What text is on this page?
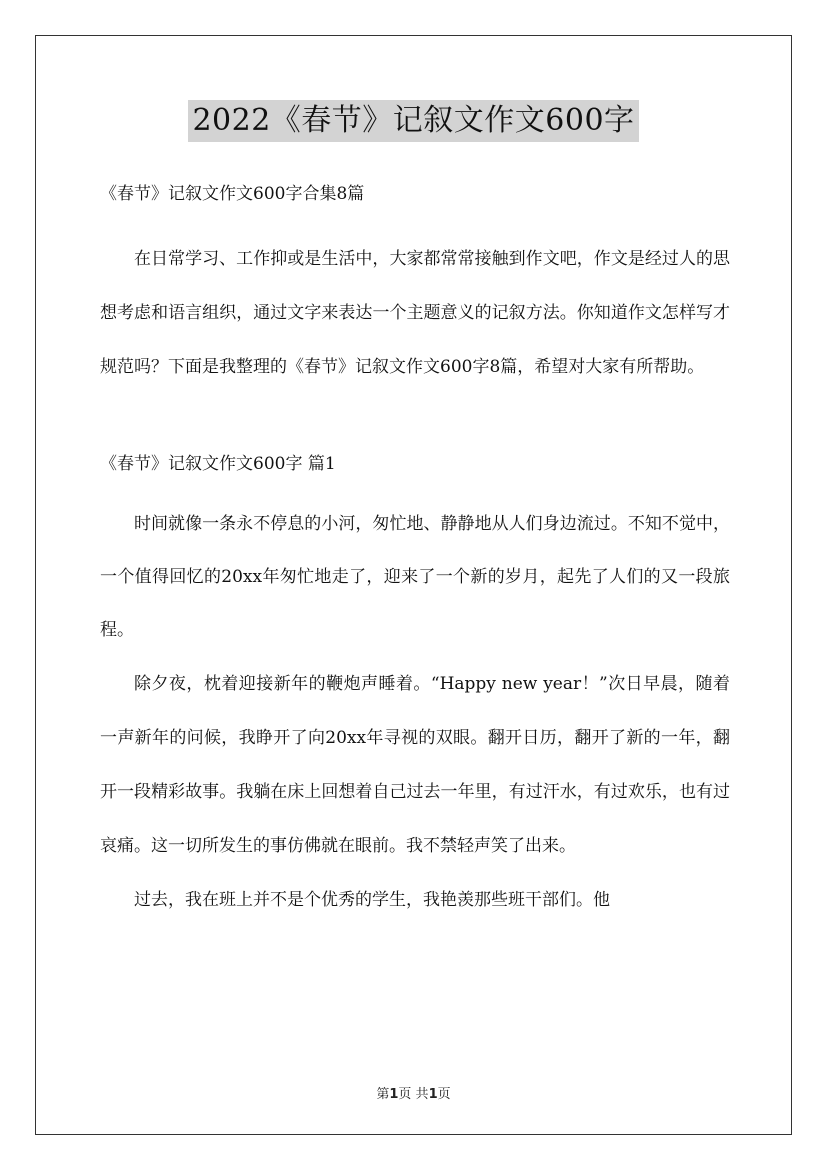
2022《春节》记叙文作文600字

《春节》记叙文作文600字合集8篇

在日常学习、工作抑或是生活中，大家都常常接触到作文吧，作文是经过人的思想考虑和语言组织，通过文字来表达一个主题意义的记叙方法。你知道作文怎样写才规范吗？下面是我整理的《春节》记叙文作文600字8篇，希望对大家有所帮助。

《春节》记叙文作文600字 篇1

时间就像一条永不停息的小河，匆忙地、静静地从人们身边流过。不知不觉中，一个值得回忆的20xx年匆忙地走了，迎来了一个新的岁月，起先了人们的又一段旅程。

除夕夜，枕着迎接新年的鞭炮声睡着。“Happy new year！”次日早晨，随着一声新年的问候，我睁开了向20xx年寻视的双眼。翻开日历，翻开了新的一年，翻开一段精彩故事。我躺在床上回想着自己过去一年里，有过汗水，有过欢乐，也有过哀痛。这一切所发生的事仿佛就在眼前。我不禁轻声笑了出来。

过去，我在班上并不是个优秀的学生，我艳羡那些班干部们。他

第1页 共1页
